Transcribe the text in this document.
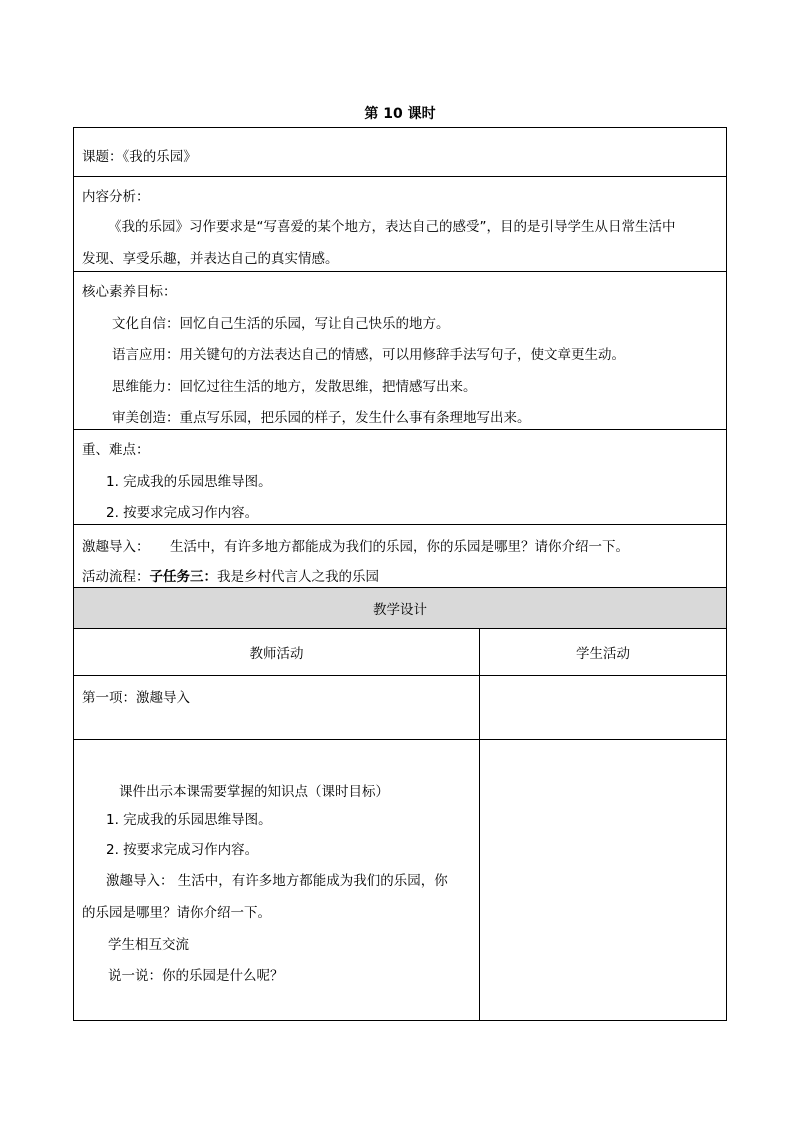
第 10 课时
课题：《我的乐园》
内容分析：
《我的乐园》习作要求是“写喜爱的某个地方，表达自己的感受”，目的是引导学生从日常生活中
发现、享受乐趣，并表达自己的真实情感。
核心素养目标：
文化自信：回忆自己生活的乐园，写让自己快乐的地方。
语言应用：用关键句的方法表达自己的情感，可以用修辞手法写句子，使文章更生动。
思维能力：回忆过往生活的地方，发散思维，把情感写出来。
审美创造：重点写乐园，把乐园的样子，发生什么事有条理地写出来。
重、难点：
1. 完成我的乐园思维导图。
2. 按要求完成习作内容。
激趣导入： 生活中，有许多地方都能成为我们的乐园，你的乐园是哪里？请你介绍一下。
活动流程：子任务三：我是乡村代言人之我的乐园
教学设计
教师活动	学生活动
第一项：激趣导入
课件出示本课需要掌握的知识点（课时目标）
1. 完成我的乐园思维导图。
2. 按要求完成习作内容。
激趣导入： 生活中，有许多地方都能成为我们的乐园，你
的乐园是哪里？请你介绍一下。
学生相互交流
说一说：你的乐园是什么呢？
